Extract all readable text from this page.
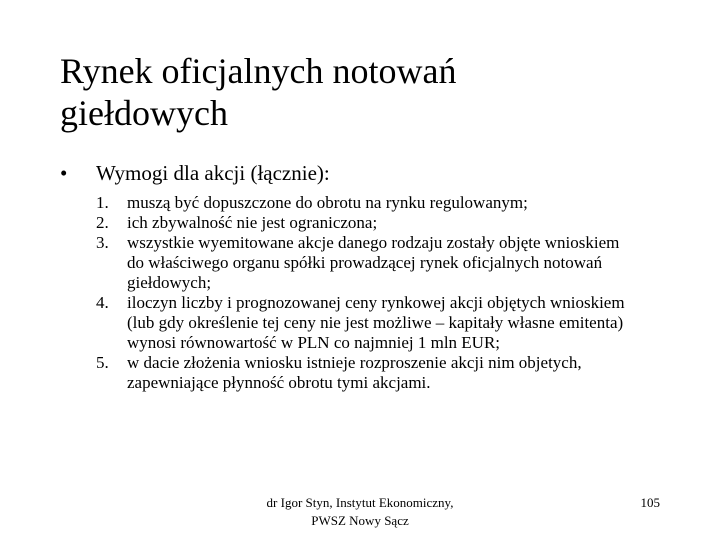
Rynek oficjalnych notowań
giełdowych
• Wymogi dla akcji (łącznie):
1. muszą być dopuszczone do obrotu na rynku regulowanym;
2. ich zbywalność nie jest ograniczona;
3. wszystkie wyemitowane akcje danego rodzaju zostały objęte wnioskiem do właściwego organu spółki prowadzącej rynek oficjalnych notowań giełdowych;
4. iloczyn liczby i prognozowanej ceny rynkowej akcji objętych wnioskiem (lub gdy określenie tej ceny nie jest możliwe – kapitały własne emitenta) wynosi równowartość w PLN co najmniej 1 mln EUR;
5. w dacie złożenia wniosku istnieje rozproszenie akcji nim objetych, zapewniające płynność obrotu tymi akcjami.
dr Igor Styn, Instytut Ekonomiczny,
PWSZ Nowy Sącz
105
